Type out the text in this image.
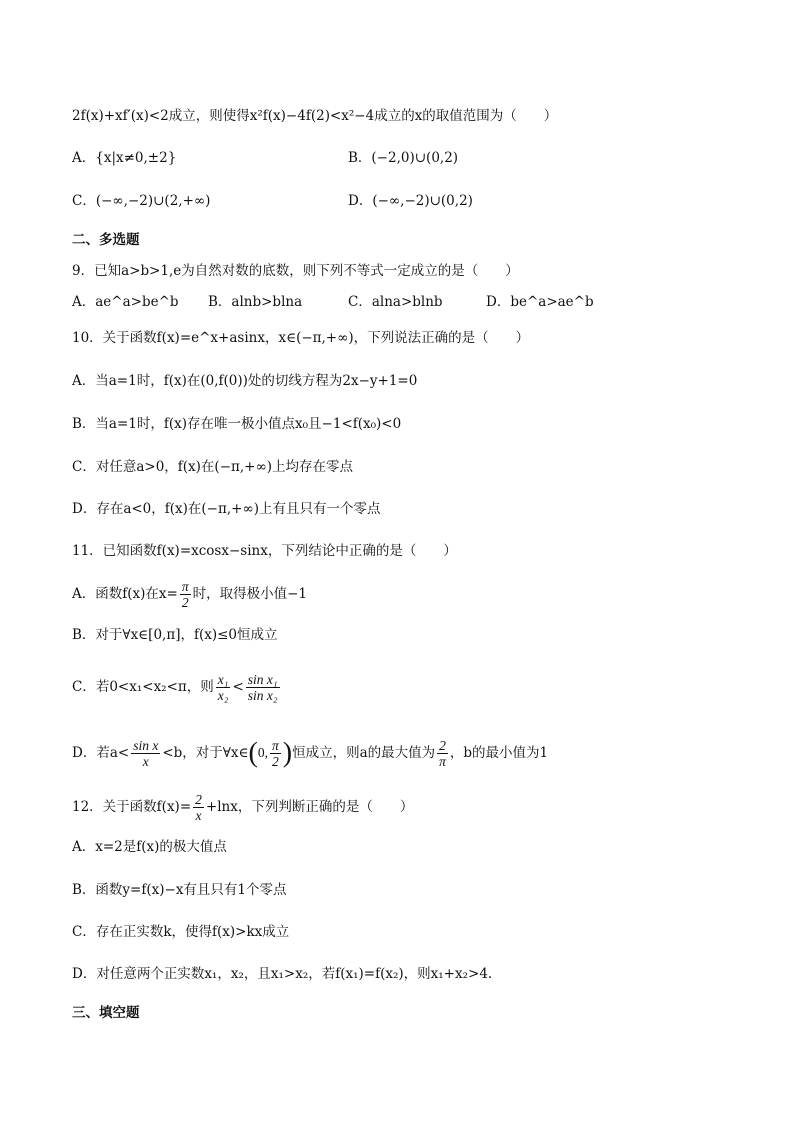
2f(x)+xf′(x)<2成立，则使得x²f(x)−4f(2)<x²−4成立的x的取值范围为（　　）
A．{x|x≠0,±2}	B．(−2,0)∪(0,2)
C．(−∞,−2)∪(2,+∞)	D．(−∞,−2)∪(0,2)
二、多选题
9．已知a>b>1,e为自然对数的底数，则下列不等式一定成立的是（　　）
A．ae^a>be^b B．alnb>blna	C．alna>blnb	D．be^a>ae^b
10．关于函数f(x)=e^x+asinx，x∈(−π,+∞)，下列说法正确的是（　　）
A．当a=1时，f(x)在(0,f(0))处的切线方程为2x−y+1=0
B．当a=1时，f(x)存在唯一极小值点x₀且−1<f(x₀)<0
C．对任意a>0，f(x)在(−π,+∞)上均存在零点
D．存在a<0，f(x)在(−π,+∞)上有且只有一个零点
11．已知函数f(x)=xcosx−sinx，下列结论中正确的是（　　）
A．函数f(x)在$x= \frac{\pi}{2}$ 时，取得极小值−1
B．对于∀x∈[0,π]，f(x)≤0恒成立
C．若0<x₁<x₂<π，则 $\frac{\text{x₁}}{\text{x₂}} < \frac{\text{sin x₁}}{\text{sin x₂}}$
D．若$a< \frac{\text{sin x}}{x} <b$，对于∀x∈(0, $\frac{\pi}{2}$ )恒成立，则a的最大值为 $\frac{2}{\pi}$ ，b的最小值为1
12．关于函数$f(x)= \frac{2}{x} +\ln x$，下列判断正确的是（　　）
A．x=2是f(x)的极大值点
B．函数y=f(x)−x有且只有1个零点
C．存在正实数k，使得f(x)>kx成立
D．对任意两个正实数x₁，x₂，且x₁>x₂，若f(x₁)=f(x₂)，则x₁+x₂>4.
三、填空题
